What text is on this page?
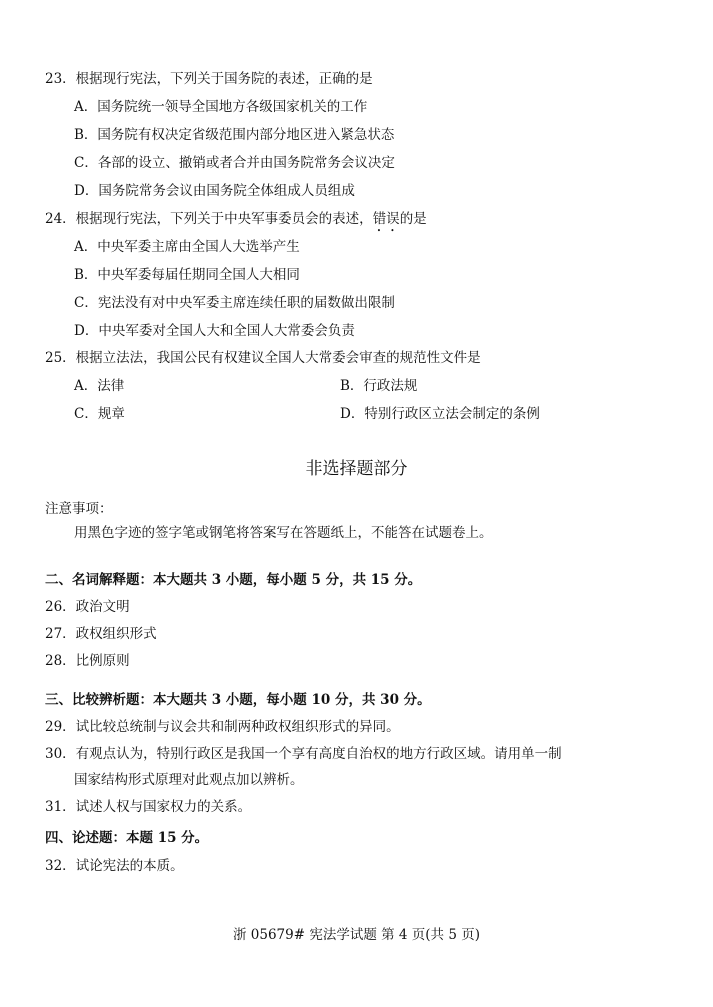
23．根据现行宪法，下列关于国务院的表述，正确的是
A．国务院统一领导全国地方各级国家机关的工作
B．国务院有权决定省级范围内部分地区进入紧急状态
C．各部的设立、撤销或者合并由国务院常务会议决定
D．国务院常务会议由国务院全体组成人员组成
24．根据现行宪法，下列关于中央军事委员会的表述，错误的是
A．中央军委主席由全国人大选举产生
B．中央军委每届任期同全国人大相同
C．宪法没有对中央军委主席连续任职的届数做出限制
D．中央军委对全国人大和全国人大常委会负责
25．根据立法法，我国公民有权建议全国人大常委会审查的规范性文件是
A．法律	B．行政法规
C．规章	D．特别行政区立法会制定的条例
非选择题部分
注意事项：
用黑色字迹的签字笔或钢笔将答案写在答题纸上，不能答在试题卷上。
二、名词解释题：本大题共 3 小题，每小题 5 分，共 15 分。
26．政治文明
27．政权组织形式
28．比例原则
三、比较辨析题：本大题共 3 小题，每小题 10 分，共 30 分。
29．试比较总统制与议会共和制两种政权组织形式的异同。
30．有观点认为，特别行政区是我国一个享有高度自治权的地方行政区域。请用单一制
国家结构形式原理对此观点加以辨析。
31．试述人权与国家权力的关系。
四、论述题：本题 15 分。
32．试论宪法的本质。
浙 05679# 宪法学试题 第 4 页(共 5 页)
